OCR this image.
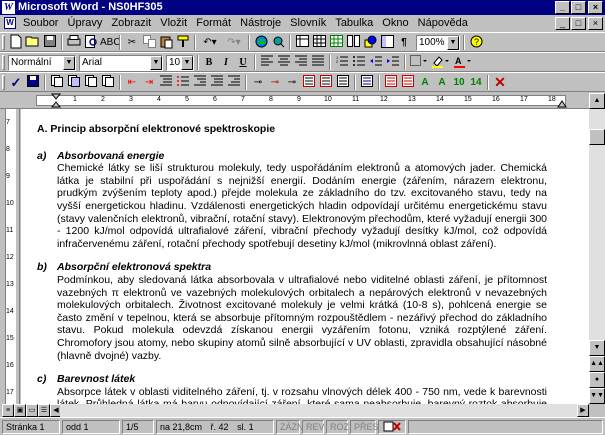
W Microsoft Word - NS0HF305	_	□	×
W Soubor Úpravy Zobrazit Vložit Formát Nástroje Slovník Tabulka Okno Nápověda	_	□	×
ABC ✂	↶▾	↷▾	¶	100% ▼ ?
Normální	▼ Arial	▼ 10 ▼	B	I	U	1
2	A
✓	⇤ ⇥	⊸ ⊸ ⊸	A A 10 14 ✕
1	2	3	4	5	6	7	8	9	10	11	12	13	14	15	16	17	18
7
8
9
10
11
12
13
14
15
16
17
A. Princip absorpční elektronové spektroskopie
a) Absorbovaná energie
Chemické látky se liší strukturou molekuly, tedy uspořádáním elektronů a atomových jader. Chemická látka je stabilní při uspořádání s nejnižší energií. Dodáním energie (zářením, nárazem elektronu, prudkým zvýšením teploty apod.) přejde molekula ze základního do tzv. excitovaného stavu, tedy na vyšší energetickou hladinu. Vzdálenosti energetických hladin odpovídají určitému energetickému stavu (stavy valenčních elektronů, vibrační, rotační stavy). Elektronovým přechodům, které vyžadují energii 300 - 1200 kJ/mol odpovídá ultrafialové záření, vibrační přechody vyžadují desítky kJ/mol, což odpovídá infračervenému záření, rotační přechody spotřebují desetiny kJ/mol (mikrovlnná oblast záření).
b) Absorpční elektronová spektra
Podmínkou, aby sledovaná látka absorbovala v ultrafialové nebo viditelné oblasti záření, je přítomnost vazebných π elektronů ve vazebných molekulových orbitalech a nepárových elektronů v nevazebných molekulových orbitalech. Životnost excitované molekuly je velmi krátká (10-8 s), pohlcená energie se často změní v tepelnou, která se absorbuje přítomným rozpouštědlem - nezářivý přechod do základního stavu. Pokud molekula odevzdá získanou energii vyzářením fotonu, vzniká rozptýlené záření. Chromofory jsou atomy, nebo skupiny atomů silně absorbující v UV oblasti, zpravidla obsahující násobné (hlavně dvojné) vazby.
c) Barevnost látek
Absorpce látek v oblasti viditelného záření, tj. v rozsahu vlnových délek 400 - 750 nm, vede k barevnosti
▲
▼
▲▲
●
▼▼
≡ ▣ ▭ ☰ ◀	▶
Stránka 1	odd 1	1/5	na 21,8cm ř. 42 sl. 1	ZÁZN REV ROZ PŘES
